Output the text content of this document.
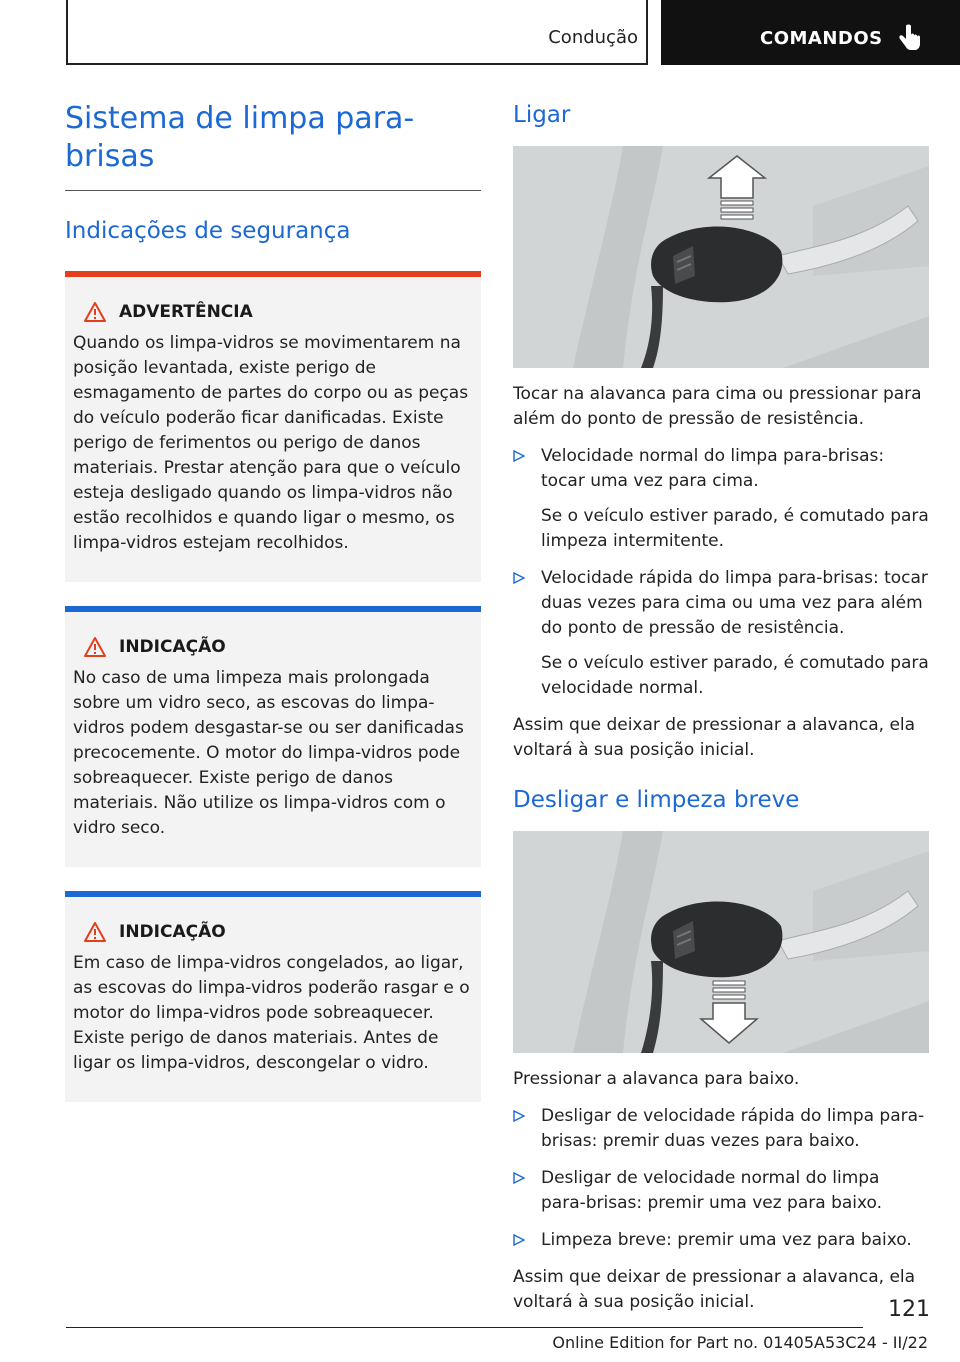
Condução	COMANDOS
Sistema de limpa para-brisas
Indicações de segurança
ADVERTÊNCIA

Quando os limpa-vidros se movimentarem na posição levantada, existe perigo de esmagamento de partes do corpo ou as peças do veículo poderão ficar danificadas. Existe perigo de ferimentos ou perigo de danos materiais. Prestar atenção para que o veículo esteja desligado quando os limpa-vidros não estão recolhidos e quando ligar o mesmo, os limpa-vidros estejam recolhidos.

INDICAÇÃO

No caso de uma limpeza mais prolongada sobre um vidro seco, as escovas do limpa-vidros podem desgastar-se ou ser danificadas precocemente. O motor do limpa-vidros pode sobreaquecer. Existe perigo de danos materiais. Não utilize os limpa-vidros com o vidro seco.

INDICAÇÃO

Em caso de limpa-vidros congelados, ao ligar, as escovas do limpa-vidros poderão rasgar e o motor do limpa-vidros pode sobreaquecer. Existe perigo de danos materiais. Antes de ligar os limpa-vidros, descongelar o vidro.

Ligar

Tocar na alavanca para cima ou pressionar para além do ponto de pressão de resistência.

Velocidade normal do limpa para-brisas: tocar uma vez para cima.
Se o veículo estiver parado, é comutado para limpeza intermitente.
Velocidade rápida do limpa para-brisas: tocar duas vezes para cima ou uma vez para além do ponto de pressão de resistência.
Se o veículo estiver parado, é comutado para velocidade normal.

Assim que deixar de pressionar a alavanca, ela voltará à sua posição inicial.

Desligar e limpeza breve

Pressionar a alavanca para baixo.

Desligar de velocidade rápida do limpa para-brisas: premir duas vezes para baixo.
Desligar de velocidade normal do limpa para-brisas: premir uma vez para baixo.
Limpeza breve: premir uma vez para baixo.

Assim que deixar de pressionar a alavanca, ela voltará à sua posição inicial.	121
Online Edition for Part no. 01405A53C24 - II/22
